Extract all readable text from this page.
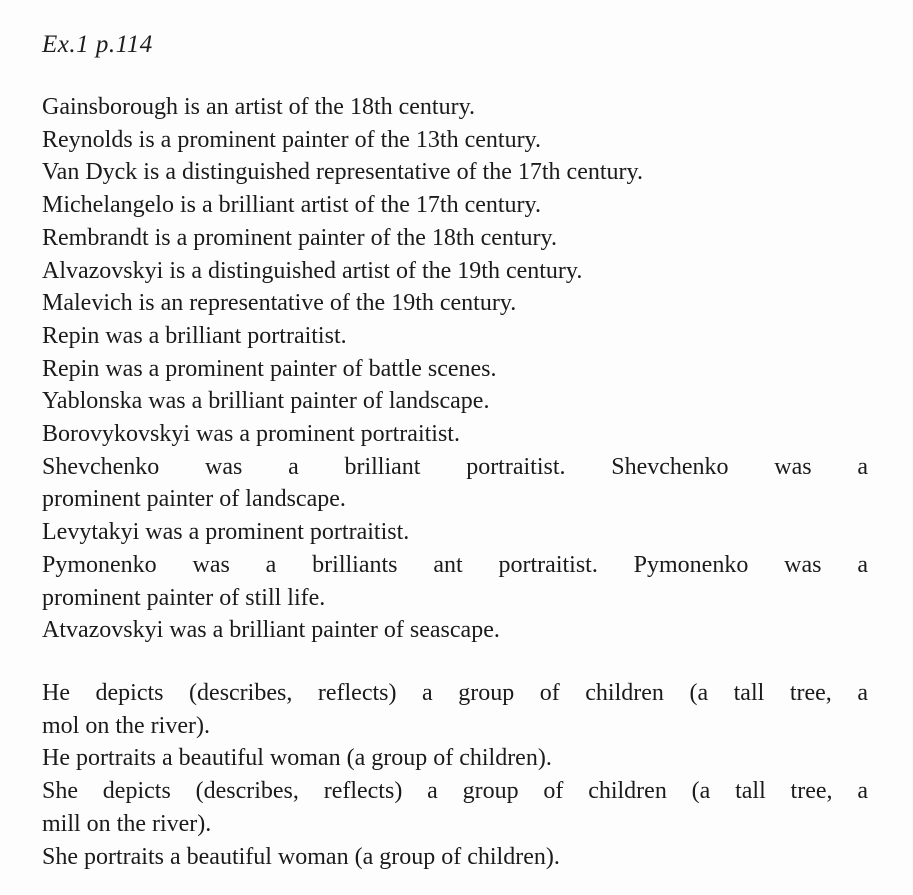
Ex.1 p.114
Gainsborough is an artist of the 18th century.
Reynolds is a prominent painter of the 13th century.
Van Dyck is a distinguished representative of the 17th century.
Michelangelo is a brilliant artist of the 17th century.
Rembrandt is a prominent painter of the 18th century.
Alvazovskyi is a distinguished artist of the 19th century.
Malevich is an representative of the 19th century.
Repin was a brilliant portraitist.
Repin was a prominent painter of battle scenes.
Yablonska was a brilliant painter of landscape.
Borovykovskyi was a prominent portraitist.
Shevchenko was a brilliant portraitist. Shevchenko was a
prominent painter of landscape.
Levytakyi was a prominent portraitist.
Pymonenko was a brilliants ant portraitist. Pymonenko was a
prominent painter of still life.
Atvazovskyi was a brilliant painter of seascape.
He depicts (describes, reflects) a group of children (a tall tree, a
mol on the river).
He portraits a beautiful woman (a group of children).
She depicts (describes, reflects) a group of children (a tall tree, a
mill on the river).
She portraits a beautiful woman (a group of children).
